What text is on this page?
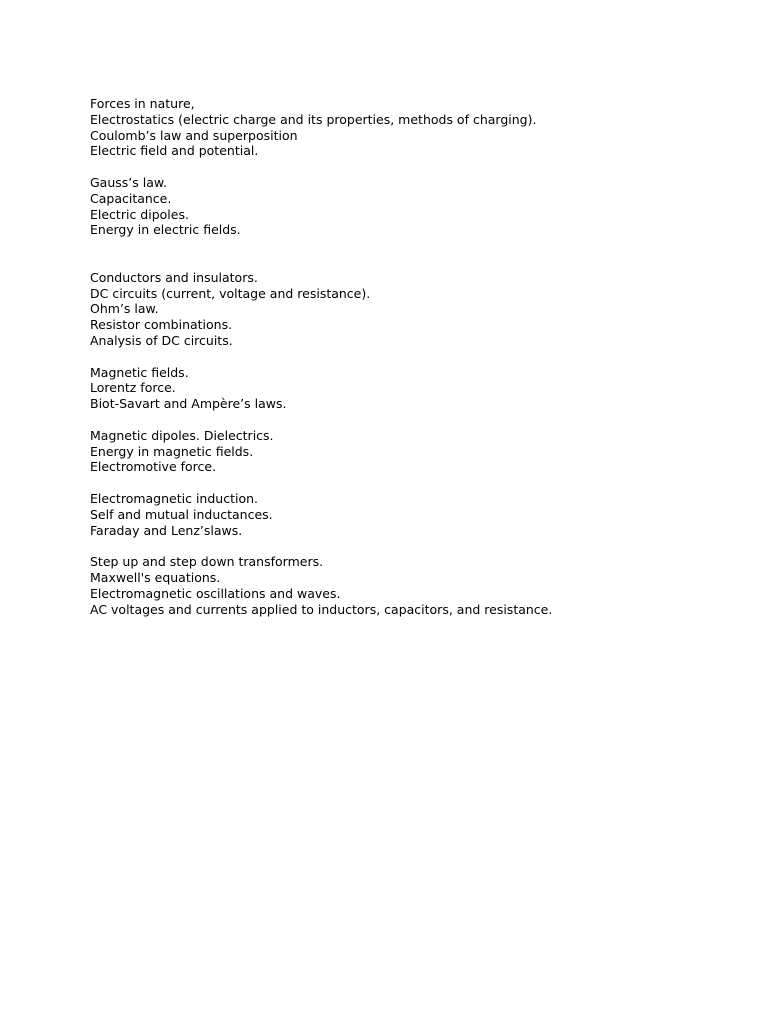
Forces in nature,
Electrostatics (electric charge and its properties, methods of charging).
Coulomb’s law and superposition
Electric field and potential.
Gauss’s law.
Capacitance.
Electric dipoles.
Energy in electric fields.
Conductors and insulators.
DC circuits (current, voltage and resistance).
Ohm’s law.
Resistor combinations.
Analysis of DC circuits.
Magnetic fields.
Lorentz force.
Biot-Savart and Ampère’s laws.
Magnetic dipoles. Dielectrics.
Energy in magnetic fields.
Electromotive force.
Electromagnetic induction.
Self and mutual inductances.
Faraday and Lenz’slaws.
Step up and step down transformers.
Maxwell's equations.
Electromagnetic oscillations and waves.
AC voltages and currents applied to inductors, capacitors, and resistance.
